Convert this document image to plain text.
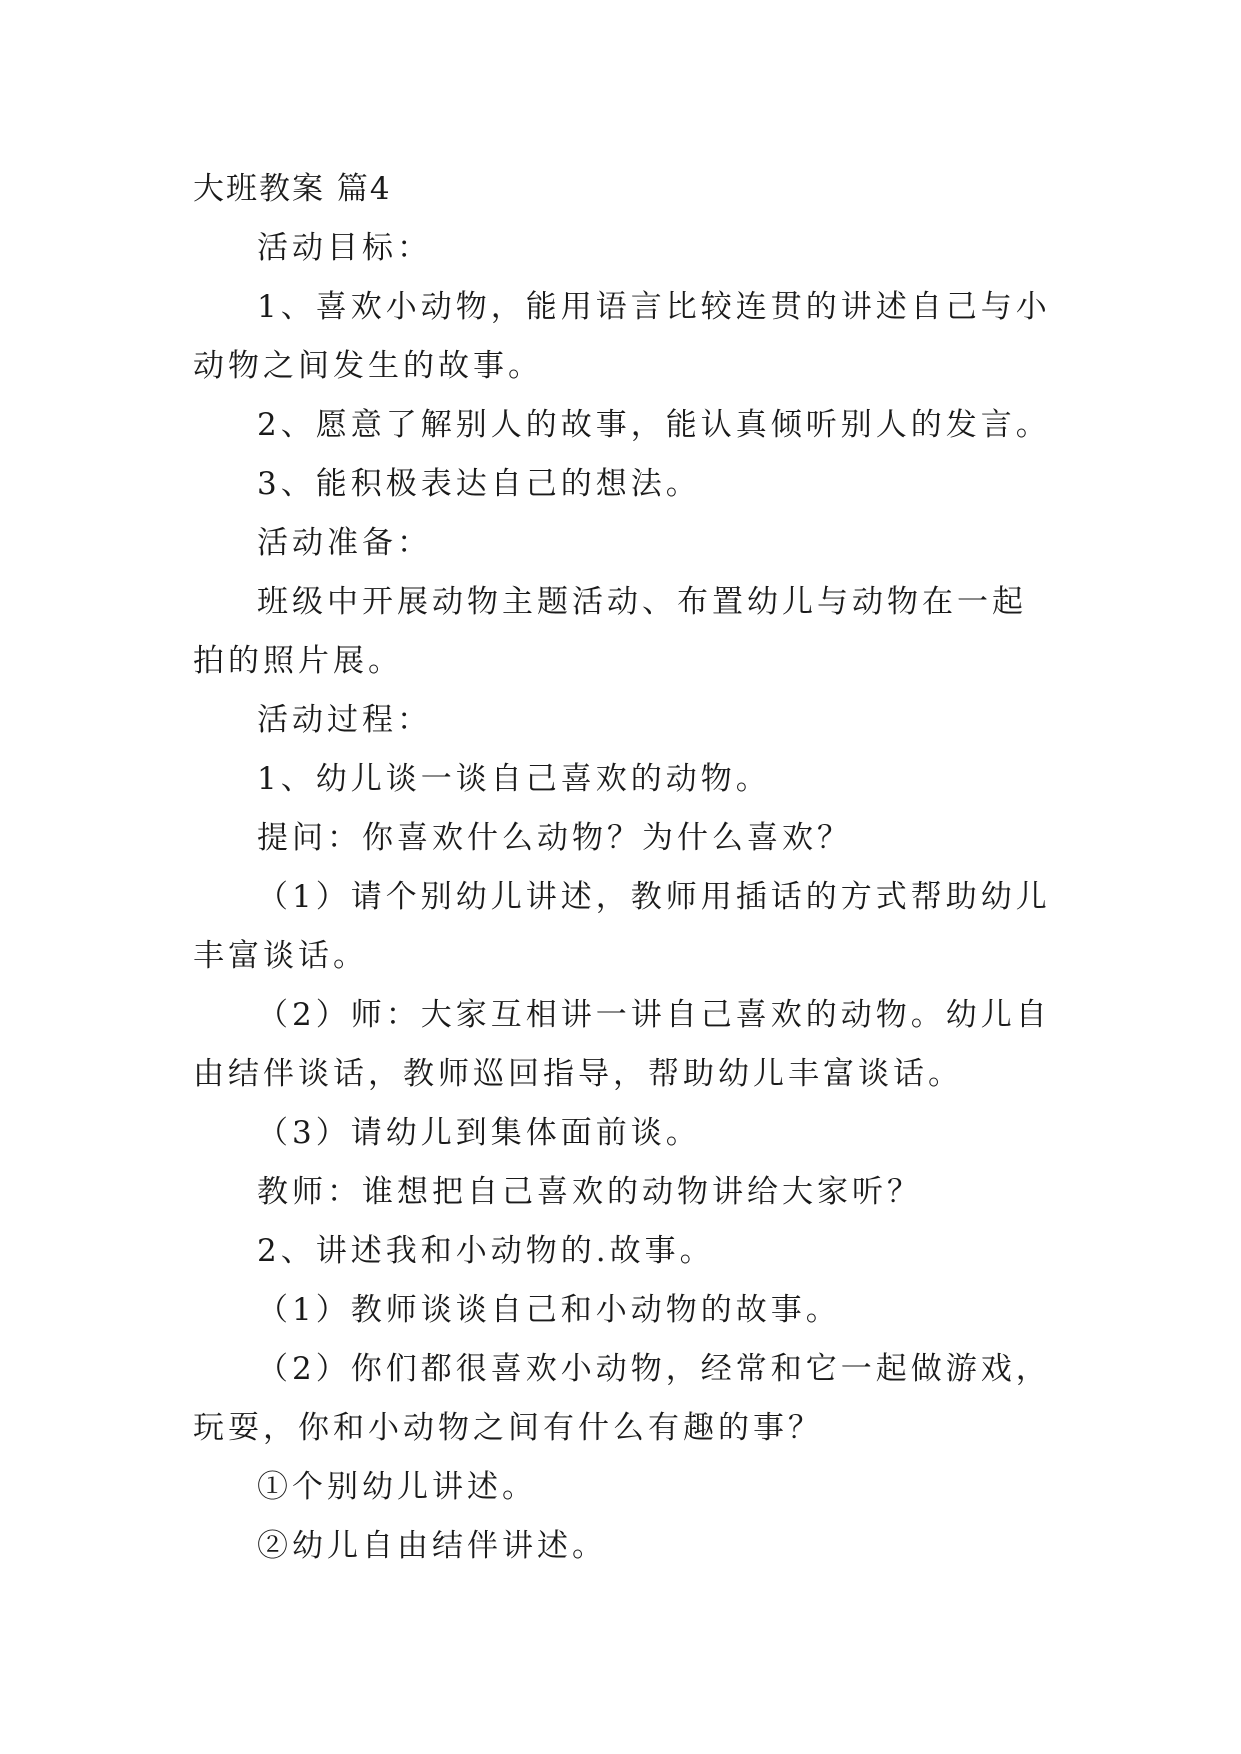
大班教案 篇4

活动目标：

1、喜欢小动物，能用语言比较连贯的讲述自己与小动物之间发生的故事。

2、愿意了解别人的故事，能认真倾听别人的发言。

3、能积极表达自己的想法。

活动准备：

班级中开展动物主题活动、布置幼儿与动物在一起拍的照片展。

活动过程：

1、幼儿谈一谈自己喜欢的动物。

提问：你喜欢什么动物？为什么喜欢？

（1）请个别幼儿讲述，教师用插话的方式帮助幼儿丰富谈话。

（2）师：大家互相讲一讲自己喜欢的动物。幼儿自由结伴谈话，教师巡回指导，帮助幼儿丰富谈话。

（3）请幼儿到集体面前谈。

教师：谁想把自己喜欢的动物讲给大家听？

2、讲述我和小动物的.故事。

（1）教师谈谈自己和小动物的故事。

（2）你们都很喜欢小动物，经常和它一起做游戏，玩耍，你和小动物之间有什么有趣的事？

①个别幼儿讲述。

②幼儿自由结伴讲述。
